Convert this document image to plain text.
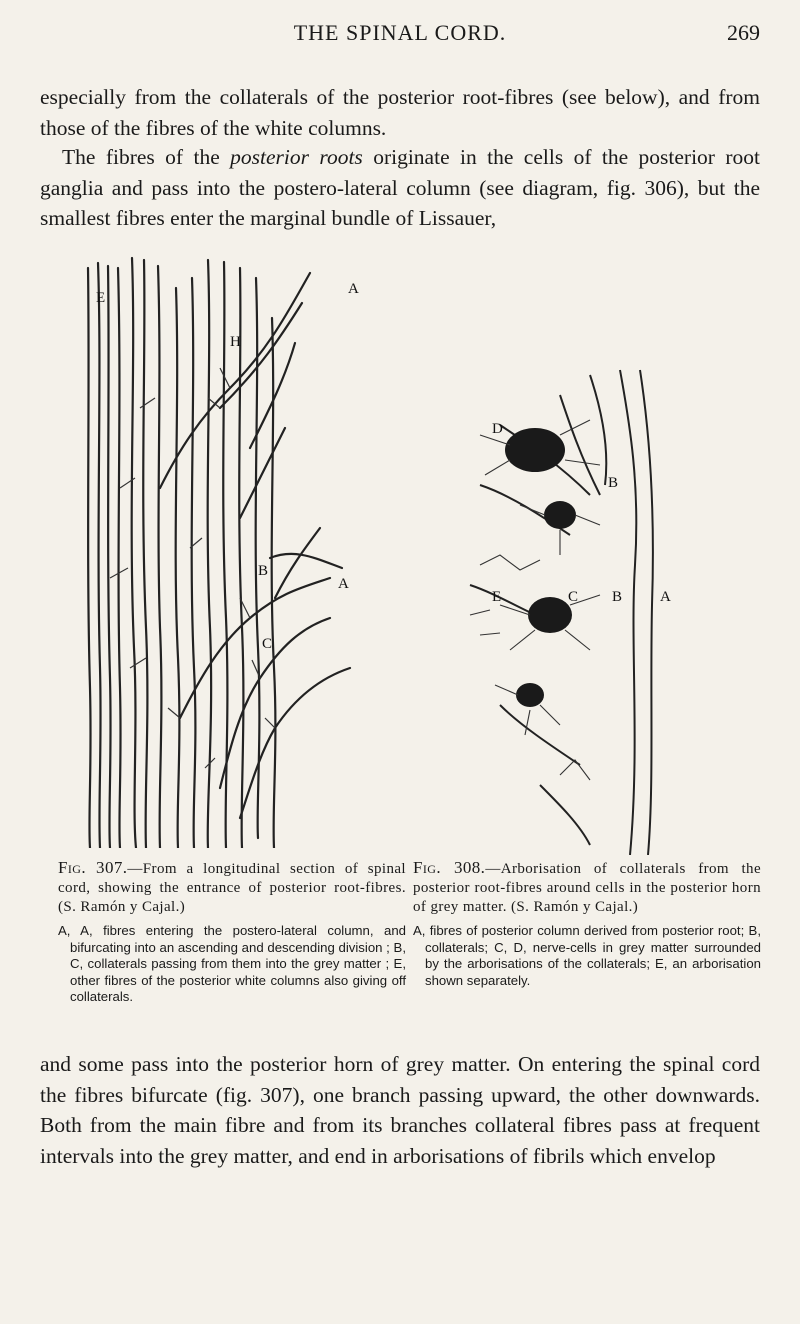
THE SPINAL CORD.	269

especially from the collaterals of the posterior root-fibres (see below), and from those of the fibres of the white columns.

The fibres of the posterior roots originate in the cells of the posterior root ganglia and pass into the postero-lateral column (see diagram, fig. 306), but the smallest fibres enter the marginal bundle of Lissauer,

A
E
H
B
A
C
D
B
E	C B	A

Fig. 307.—From a longitudinal section of spinal cord, showing the entrance of posterior root-fibres. (S. Ramón y Cajal.)

A, A, fibres entering the postero-lateral column, and bifurcating into an ascending and descending division ; B, C, collaterals passing from them into the grey matter ; E, other fibres of the posterior white columns also giving off collaterals.

Fig. 308.—Arborisation of collaterals from the posterior root-fibres around cells in the posterior horn of grey matter. (S. Ramón y Cajal.)

A, fibres of posterior column derived from posterior root; B, collaterals; C, D, nerve-cells in grey matter surrounded by the arborisations of the collaterals; E, an arborisation shown separately.

and some pass into the posterior horn of grey matter. On entering the spinal cord the fibres bifurcate (fig. 307), one branch passing upward, the other downwards. Both from the main fibre and from its branches collateral fibres pass at frequent intervals into the grey matter, and end in arborisations of fibrils which envelop
